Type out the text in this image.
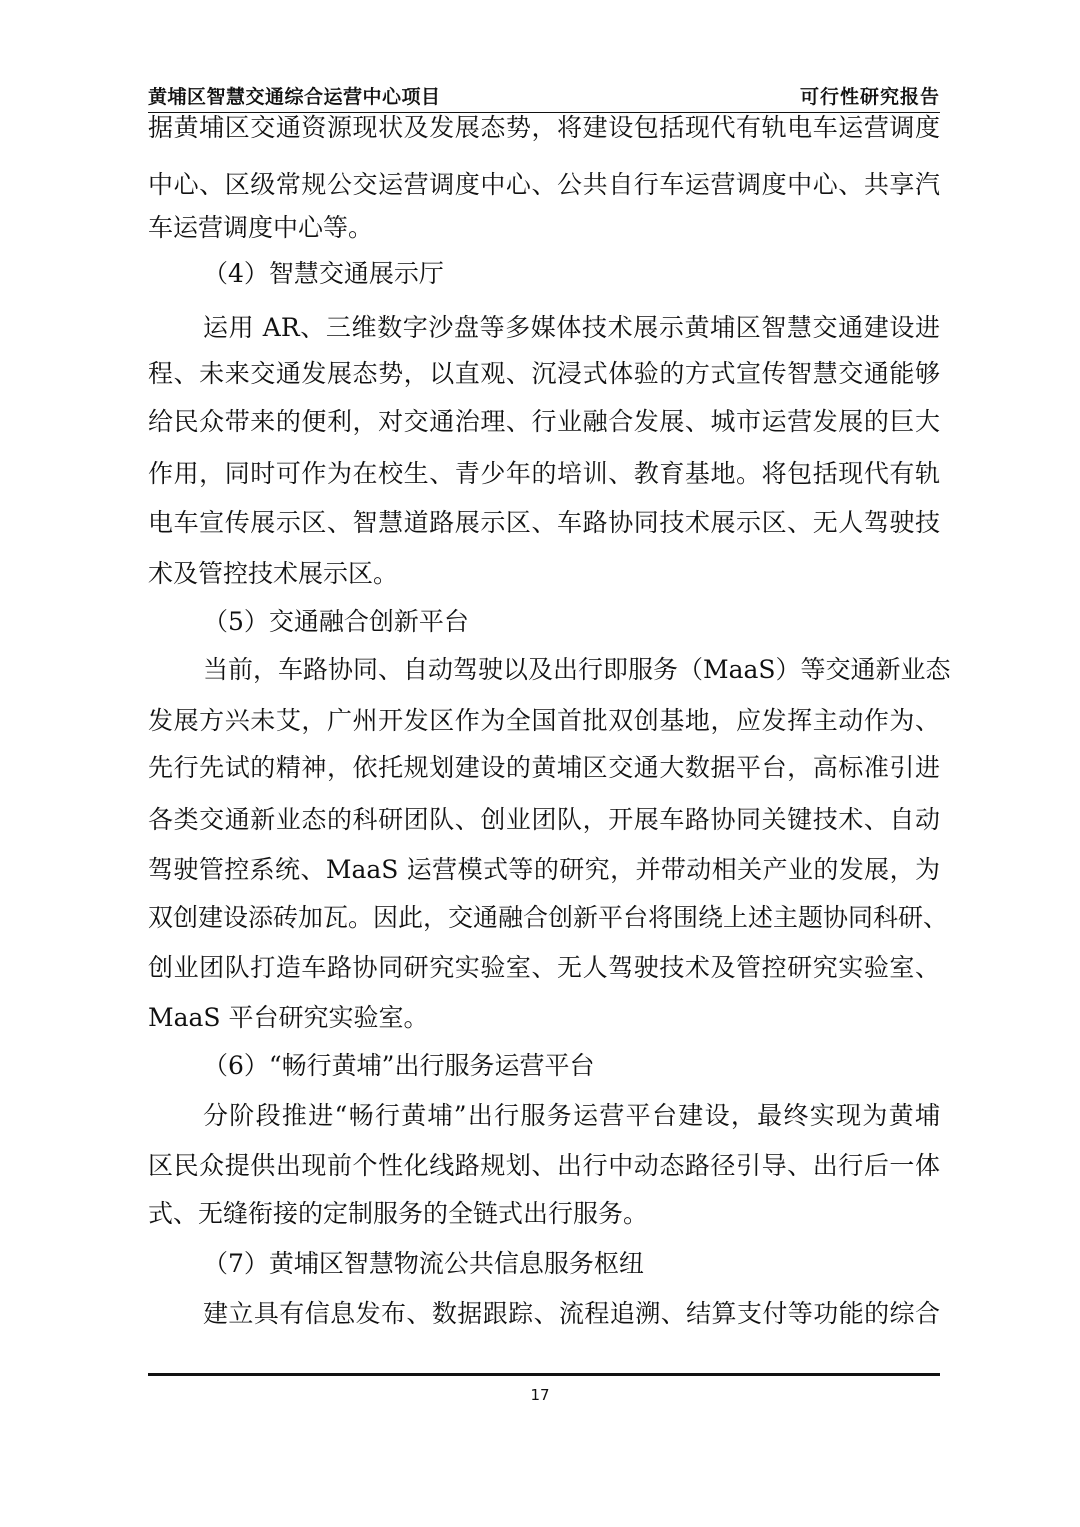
黄埔区智慧交通综合运营中心项目	可行性研究报告
据黄埔区交通资源现状及发展态势，将建设包括现代有轨电车运营调度
中心、区级常规公交运营调度中心、公共自行车运营调度中心、共享汽
车运营调度中心等。
（4）智慧交通展示厅
运用 AR、三维数字沙盘等多媒体技术展示黄埔区智慧交通建设进
程、未来交通发展态势，以直观、沉浸式体验的方式宣传智慧交通能够
给民众带来的便利，对交通治理、行业融合发展、城市运营发展的巨大
作用，同时可作为在校生、青少年的培训、教育基地。将包括现代有轨
电车宣传展示区、智慧道路展示区、车路协同技术展示区、无人驾驶技
术及管控技术展示区。
（5）交通融合创新平台
当前，车路协同、自动驾驶以及出行即服务（MaaS）等交通新业态
发展方兴未艾，广州开发区作为全国首批双创基地，应发挥主动作为、
先行先试的精神，依托规划建设的黄埔区交通大数据平台，高标准引进
各类交通新业态的科研团队、创业团队，开展车路协同关键技术、自动
驾驶管控系统、MaaS 运营模式等的研究，并带动相关产业的发展，为
双创建设添砖加瓦。因此，交通融合创新平台将围绕上述主题协同科研、
创业团队打造车路协同研究实验室、无人驾驶技术及管控研究实验室、
MaaS 平台研究实验室。
（6）“畅行黄埔”出行服务运营平台
分阶段推进“畅行黄埔”出行服务运营平台建设，最终实现为黄埔
区民众提供出现前个性化线路规划、出行中动态路径引导、出行后一体
式、无缝衔接的定制服务的全链式出行服务。
（7）黄埔区智慧物流公共信息服务枢纽
建立具有信息发布、数据跟踪、流程追溯、结算支付等功能的综合
17
